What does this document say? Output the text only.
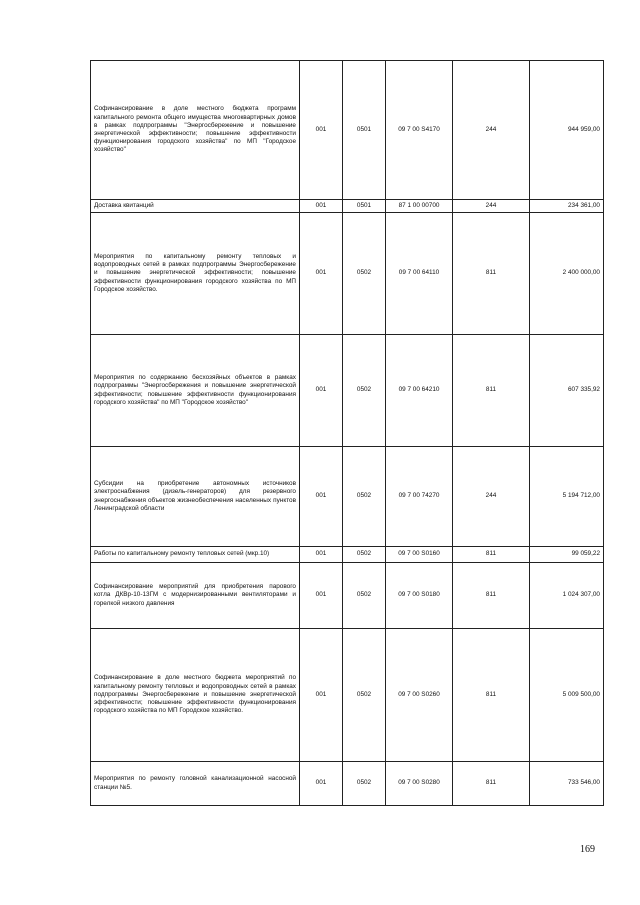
Софинансирование в доле местного бюджета программ капитального ремонта общего имущества многоквартирных домов в рамках подпрограммы "Энергосбережение и повышение энергетической эффективности; повышение эффективности функционирования городского хозяйства" по МП "Городское хозяйство"	001	0501	09 7 00 S4170	244	944 959,00
Доставка квитанций	001	0501	87 1 00 00700	244	234 361,00
Мероприятия по капитальному ремонту тепловых и водопроводных сетей в рамках подпрограммы Энергосбережение и повышение энергетической эффективности; повышение эффективности функционирования городского хозяйства по МП Городское хозяйство.	001	0502	09 7 00 64110	811	2 400 000,00
Мероприятия по содержанию бесхозяйных объектов в рамках подпрограммы "Энергосбережения и повышение энергетической эффективности; повышение эффективности функционирования городского хозяйства" по МП "Городское хозяйство"	001	0502	09 7 00 64210	811	607 335,92
Субсидии на приобретение автономных источников электроснабжения (дизель-генераторов) для резервного энергоснабжения объектов жизнеобеспечения населенных пунктов Ленинградской области	001	0502	09 7 00 74270	244	5 194 712,00
Работы по капитальному ремонту тепловых сетей (мкр.10)	001	0502	09 7 00 S0160	811	99 059,22
Софинансирование мероприятий для приобретения парового котла ДКВр-10-13ГМ с модернизированными вентиляторами и горелкой низкого давления	001	0502	09 7 00 S0180	811	1 024 307,00
Софинансирование в доле местного бюджета мероприятий по капитальному ремонту тепловых и водопроводных сетей в рамках подпрограммы Энергосбережение и повышение энергетической эффективности; повышение эффективности функционирования городского хозяйства по МП Городское хозяйство.	001	0502	09 7 00 S0260	811	5 009 500,00
Мероприятия по ремонту головной канализационной насосной станции №5.	001	0502	09 7 00 S0280	811	733 546,00
169
